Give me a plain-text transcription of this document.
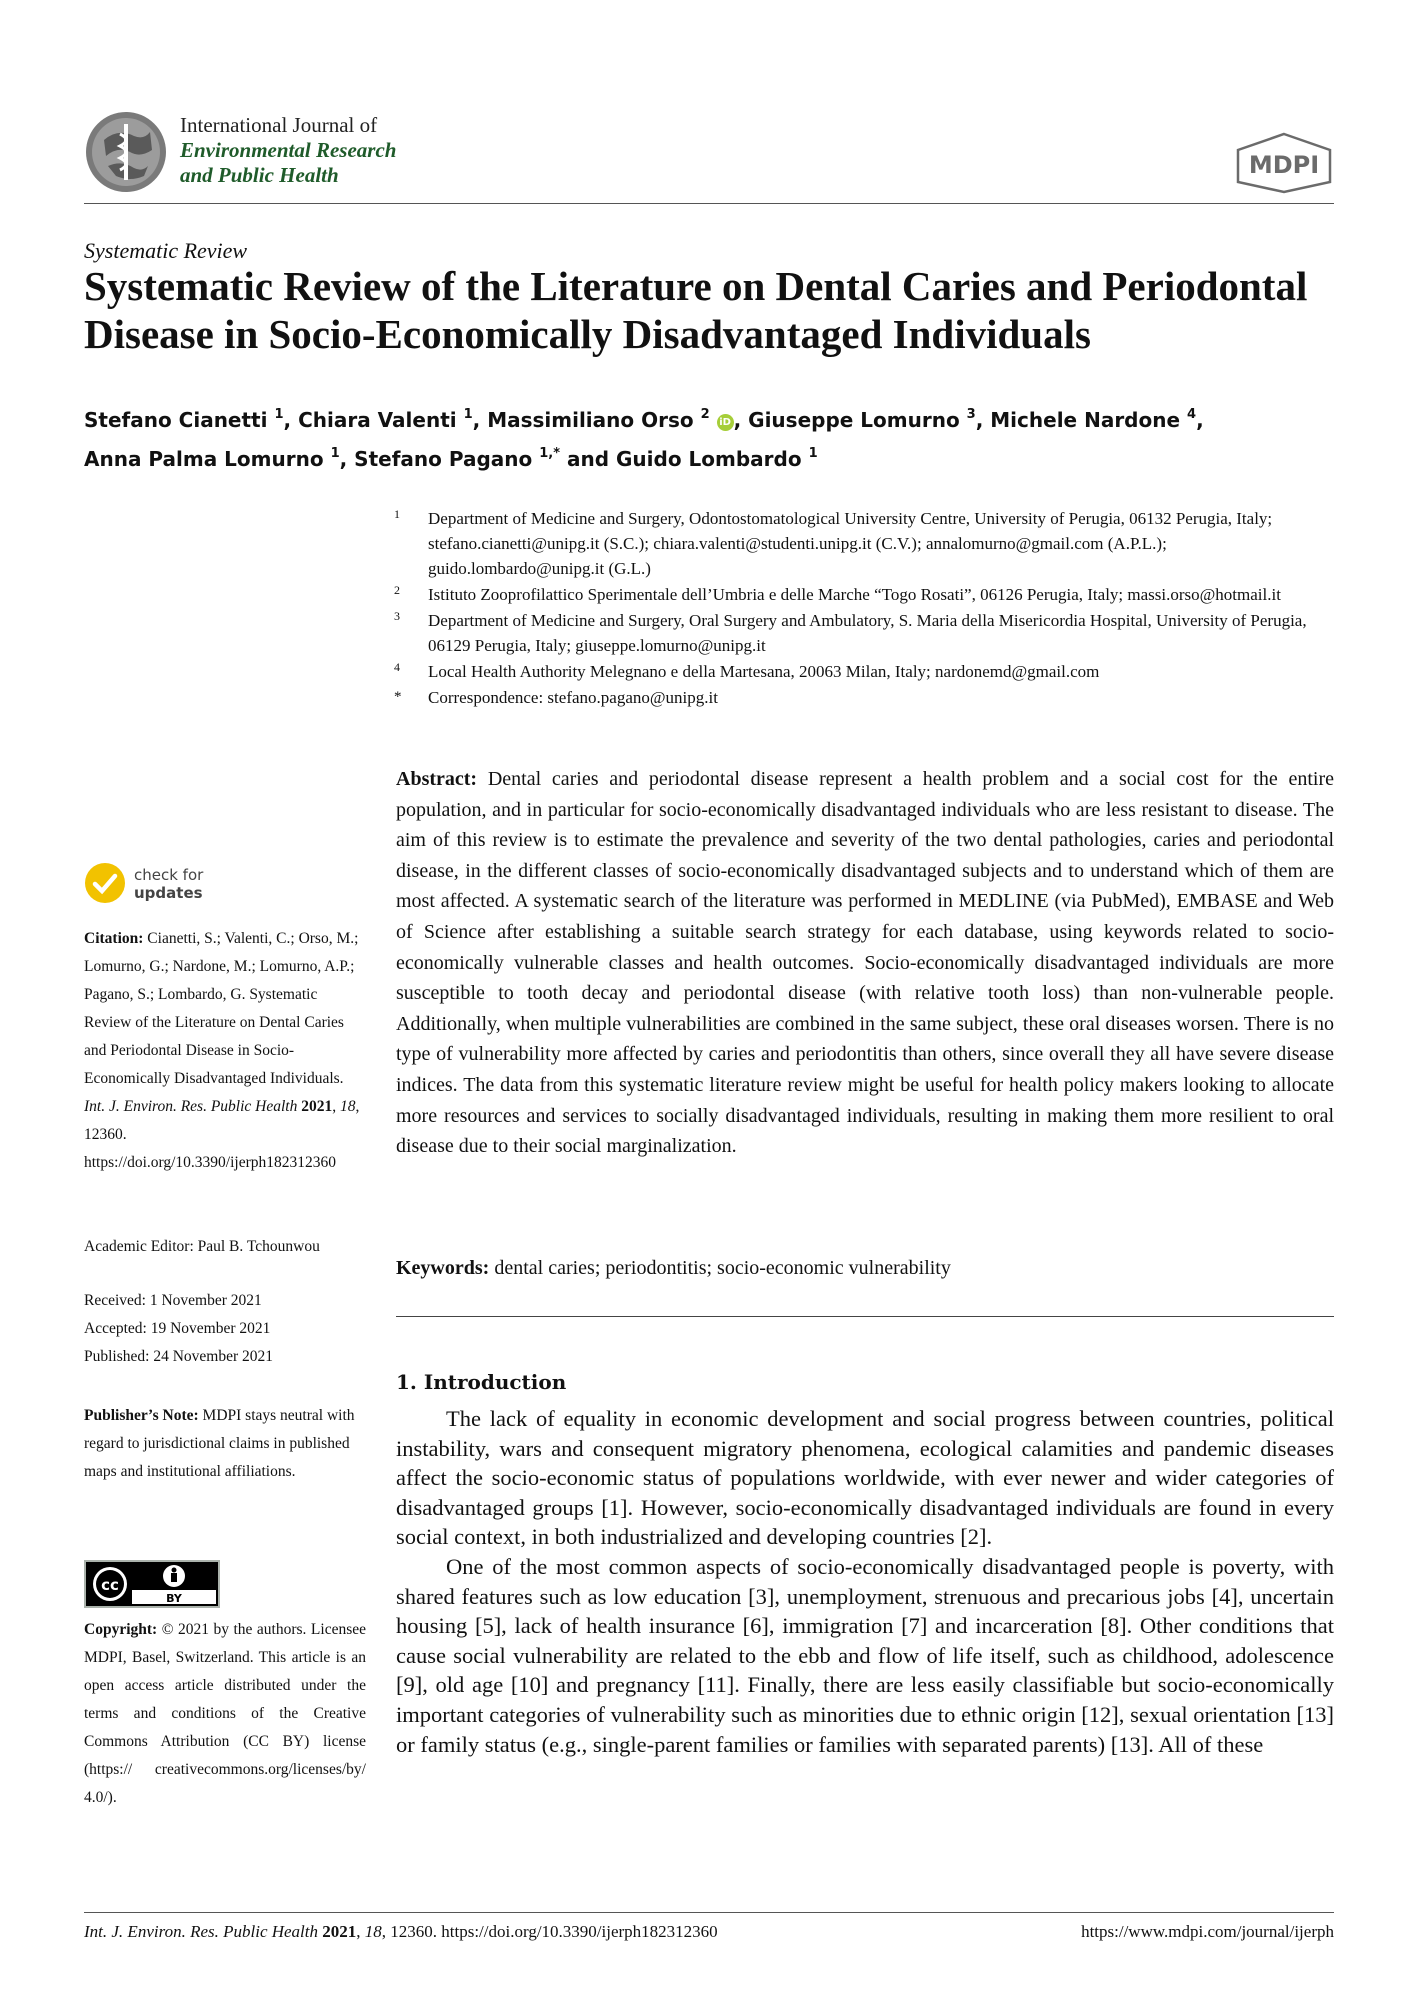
International Journal of
Environmental Research
and Public Health	MDPI
Systematic Review
Systematic Review of the Literature on Dental Caries and Periodontal Disease in Socio-Economically Disadvantaged Individuals
Stefano Cianetti $^1$, Chiara Valenti $^1$, Massimiliano Orso $^2$ iD , Giuseppe Lomurno $^3$, Michele Nardone $^4$,
Anna Palma Lomurno $^1$, Stefano Pagano $^{1,*}$ and Guido Lombardo $^1$
1 Department of Medicine and Surgery, Odontostomatological University Centre, University of Perugia, 06132 Perugia, Italy; stefano.cianetti@unipg.it (S.C.); chiara.valenti@studenti.unipg.it (C.V.); annalomurno@gmail.com (A.P.L.); guido.lombardo@unipg.it (G.L.)
2 Istituto Zooprofilattico Sperimentale dell’Umbria e delle Marche “Togo Rosati”, 06126 Perugia, Italy; massi.orso@hotmail.it
3 Department of Medicine and Surgery, Oral Surgery and Ambulatory, S. Maria della Misericordia Hospital, University of Perugia, 06129 Perugia, Italy; giuseppe.lomurno@unipg.it
4 Local Health Authority Melegnano e della Martesana, 20063 Milan, Italy; nardonemd@gmail.com
* Correspondence: stefano.pagano@unipg.it
check for
updates
Citation: Cianetti, S.; Valenti, C.; Orso, M.; Lomurno, G.; Nardone, M.; Lomurno, A.P.; Pagano, S.; Lombardo, G. Systematic Review of the Literature on Dental Caries and Periodontal Disease in Socio-Economically Disadvantaged Individuals. Int. J. Environ. Res. Public Health 2021, 18, 12360. https://doi.org/10.3390/ijerph182312360
Academic Editor: Paul B. Tchounwou
Received: 1 November 2021
Accepted: 19 November 2021
Published: 24 November 2021
Publisher’s Note: MDPI stays neutral with regard to jurisdictional claims in published maps and institutional affiliations.
cc
BY
Copyright: © 2021 by the authors. Licensee MDPI, Basel, Switzerland. This article is an open access article distributed under the terms and conditions of the Creative Commons Attribution (CC BY) license (https:// creativecommons.org/licenses/by/ 4.0/).
Abstract: Dental caries and periodontal disease represent a health problem and a social cost for the entire population, and in particular for socio-economically disadvantaged individuals who are less resistant to disease. The aim of this review is to estimate the prevalence and severity of the two dental pathologies, caries and periodontal disease, in the different classes of socio-economically disadvantaged subjects and to understand which of them are most affected. A systematic search of the literature was performed in MEDLINE (via PubMed), EMBASE and Web of Science after establishing a suitable search strategy for each database, using keywords related to socio-economically vulnerable classes and health outcomes. Socio-economically disadvantaged individuals are more susceptible to tooth decay and periodontal disease (with relative tooth loss) than non-vulnerable people. Additionally, when multiple vulnerabilities are combined in the same subject, these oral diseases worsen. There is no type of vulnerability more affected by caries and periodontitis than others, since overall they all have severe disease indices. The data from this systematic literature review might be useful for health policy makers looking to allocate more resources and services to socially disadvantaged individuals, resulting in making them more resilient to oral disease due to their social marginalization.
Keywords: dental caries; periodontitis; socio-economic vulnerability
1. Introduction

The lack of equality in economic development and social progress between countries, political instability, wars and consequent migratory phenomena, ecological calamities and pandemic diseases affect the socio-economic status of populations worldwide, with ever newer and wider categories of disadvantaged groups [1]. However, socio-economically disadvantaged individuals are found in every social context, in both industrialized and developing countries [2].

One of the most common aspects of socio-economically disadvantaged people is poverty, with shared features such as low education [3], unemployment, strenuous and precarious jobs [4], uncertain housing [5], lack of health insurance [6], immigration [7] and incarceration [8]. Other conditions that cause social vulnerability are related to the ebb and flow of life itself, such as childhood, adolescence [9], old age [10] and pregnancy [11]. Finally, there are less easily classifiable but socio-economically important categories of vulnerability such as minorities due to ethnic origin [12], sexual orientation [13] or family status (e.g., single-parent families or families with separated parents) [13]. All of these

Int. J. Environ. Res. Public Health 2021, 18, 12360. https://doi.org/10.3390/ijerph182312360	https://www.mdpi.com/journal/ijerph
